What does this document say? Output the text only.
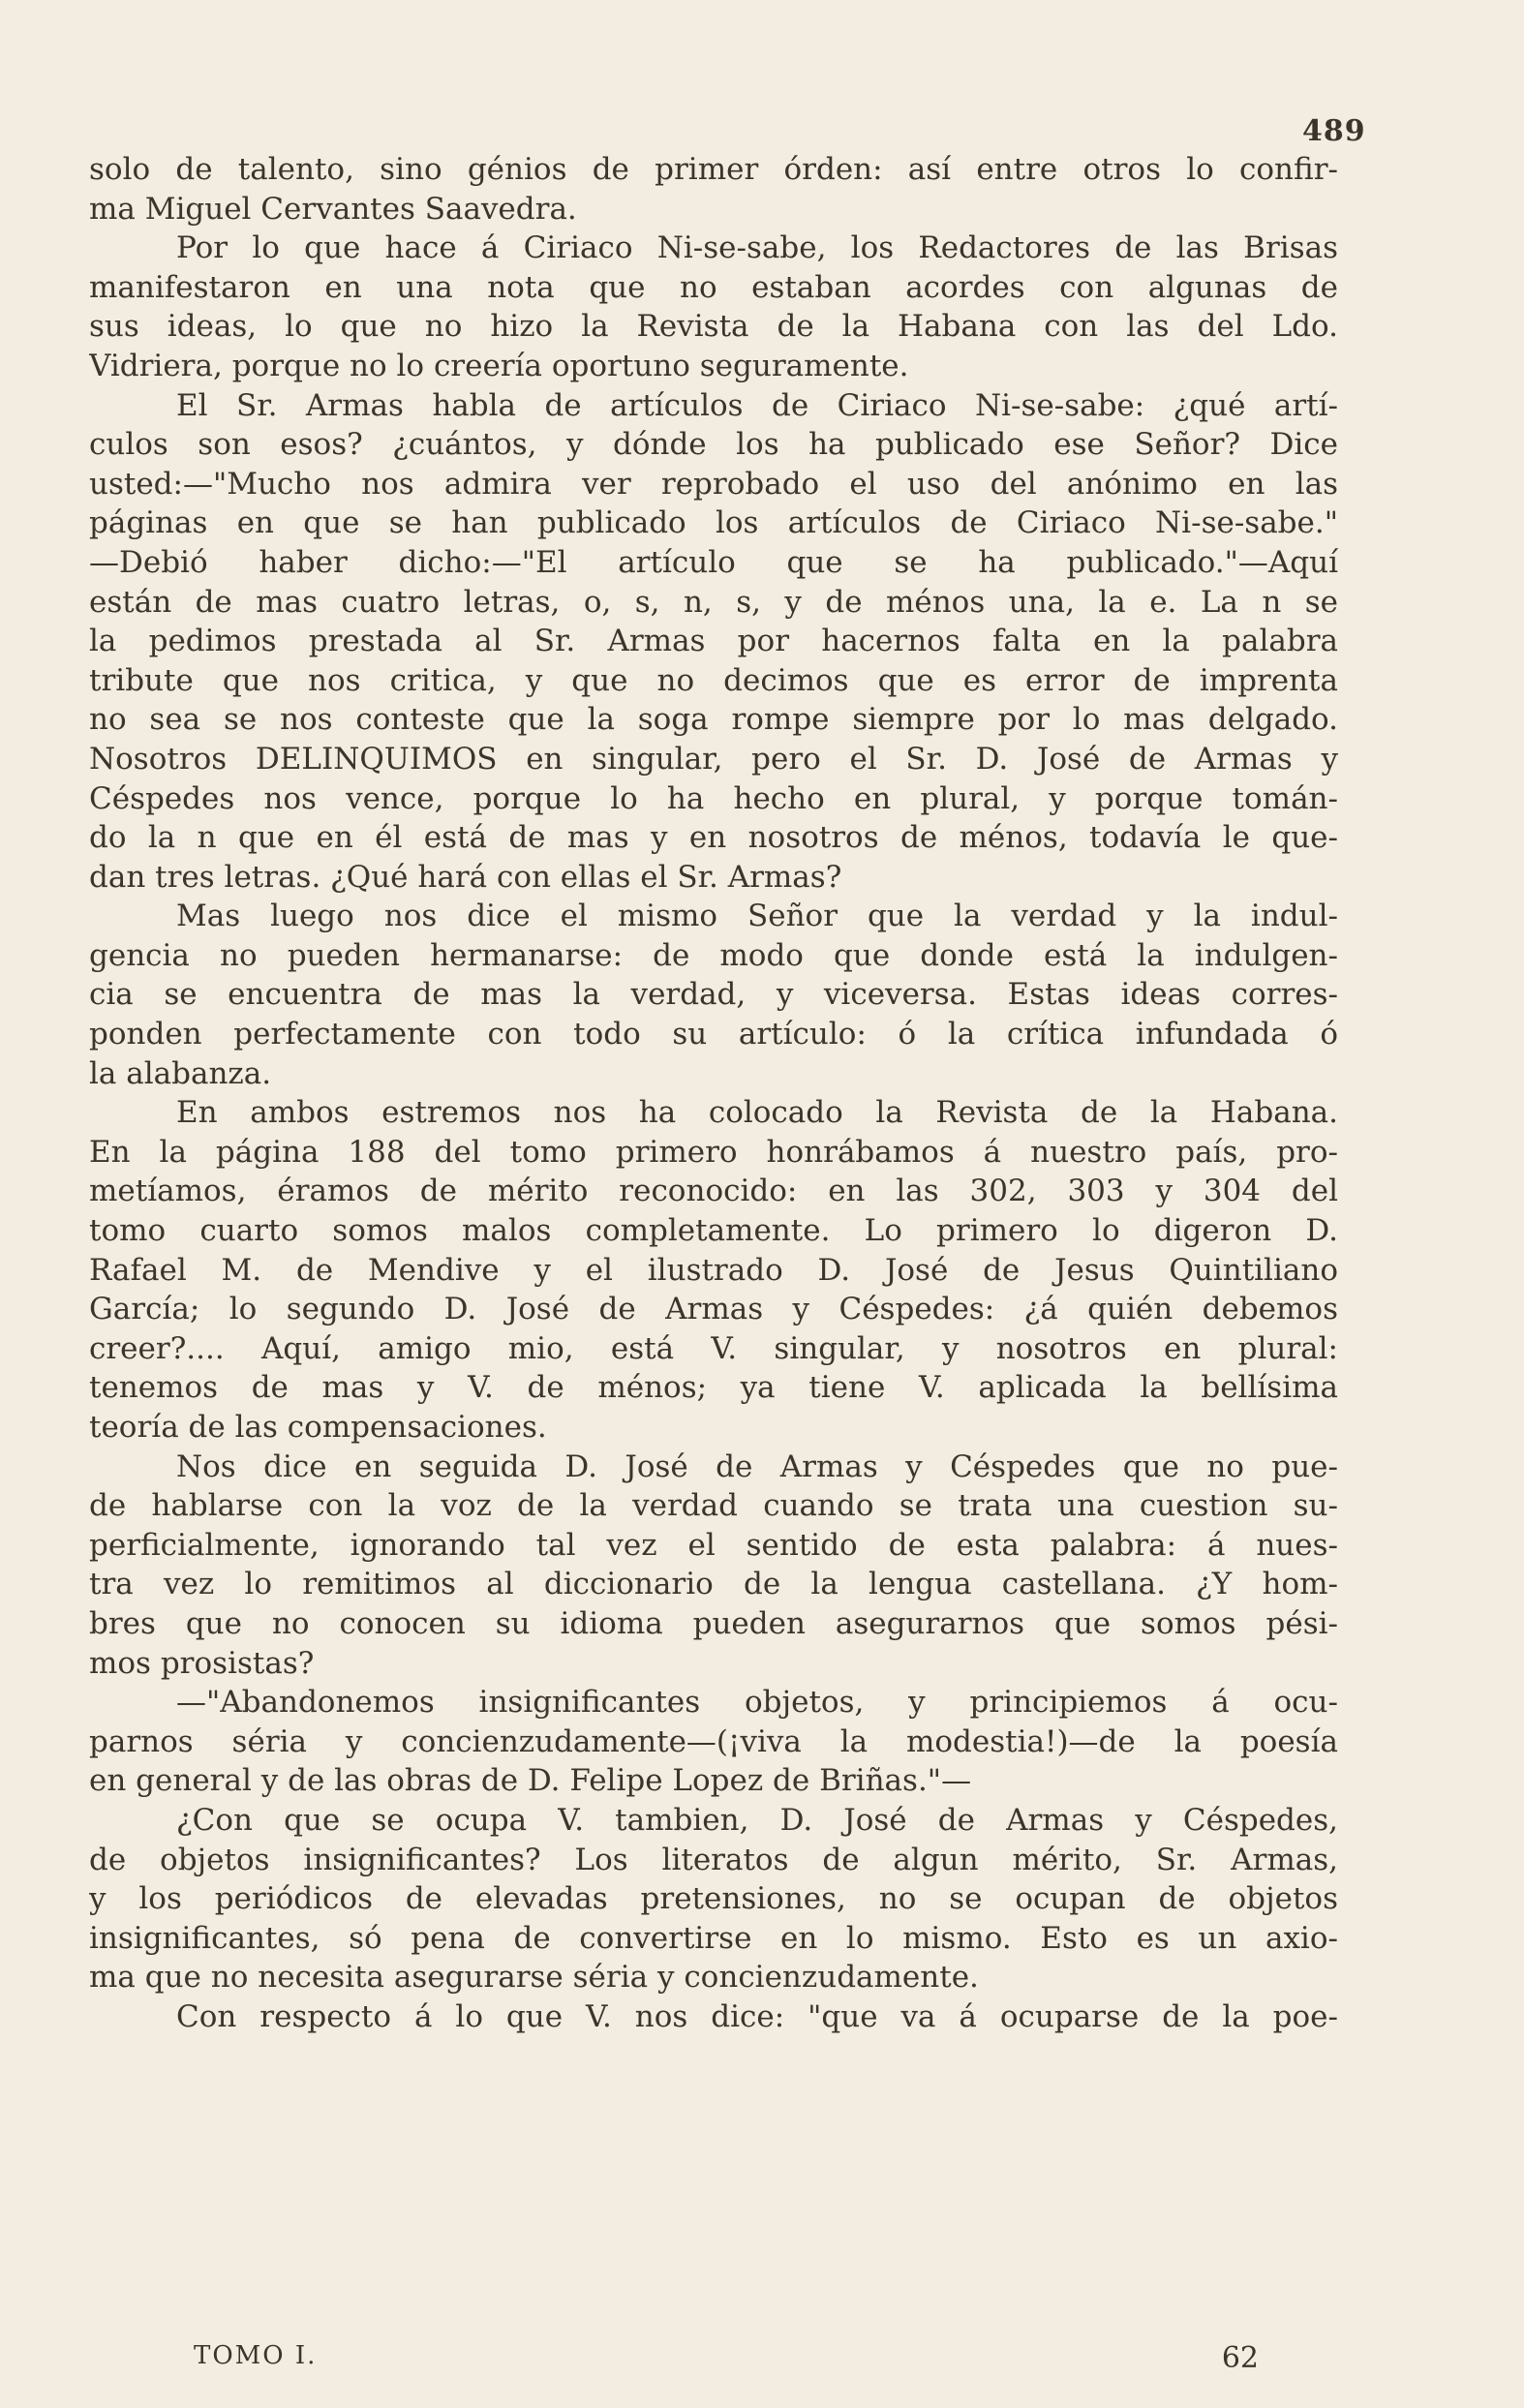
489
solo de talento, sino génios de primer órden: así entre otros lo confir-
ma Miguel Cervantes Saavedra.
Por lo que hace á Ciriaco Ni-se-sabe, los Redactores de las Brisas
manifestaron en una nota que no estaban acordes con algunas de
sus ideas, lo que no hizo la Revista de la Habana con las del Ldo.
Vidriera, porque no lo creería oportuno seguramente.
El Sr. Armas habla de artículos de Ciriaco Ni-se-sabe: ¿qué artí-
culos son esos? ¿cuántos, y dónde los ha publicado ese Señor? Dice
usted:—"Mucho nos admira ver reprobado el uso del anónimo en las
páginas en que se han publicado los artículos de Ciriaco Ni-se-sabe."
—Debió haber dicho:—"El artículo que se ha publicado."—Aquí
están de mas cuatro letras, o, s, n, s, y de ménos una, la e. La n se
la pedimos prestada al Sr. Armas por hacernos falta en la palabra
tribute que nos critica, y que no decimos que es error de imprenta
no sea se nos conteste que la soga rompe siempre por lo mas delgado.
Nosotros DELINQUIMOS en singular, pero el Sr. D. José de Armas y
Céspedes nos vence, porque lo ha hecho en plural, y porque tomán-
do la n que en él está de mas y en nosotros de ménos, todavía le que-
dan tres letras. ¿Qué hará con ellas el Sr. Armas?
Mas luego nos dice el mismo Señor que la verdad y la indul-
gencia no pueden hermanarse: de modo que donde está la indulgen-
cia se encuentra de mas la verdad, y viceversa. Estas ideas corres-
ponden perfectamente con todo su artículo: ó la crítica infundada ó
la alabanza.
En ambos estremos nos ha colocado la Revista de la Habana.
En la página 188 del tomo primero honrábamos á nuestro país, pro-
metíamos, éramos de mérito reconocido: en las 302, 303 y 304 del
tomo cuarto somos malos completamente. Lo primero lo digeron D.
Rafael M. de Mendive y el ilustrado D. José de Jesus Quintiliano
García; lo segundo D. José de Armas y Céspedes: ¿á quién debemos
creer?.... Aquí, amigo mio, está V. singular, y nosotros en plural:
tenemos de mas y V. de ménos; ya tiene V. aplicada la bellísima
teoría de las compensaciones.
Nos dice en seguida D. José de Armas y Céspedes que no pue-
de hablarse con la voz de la verdad cuando se trata una cuestion su-
perficialmente, ignorando tal vez el sentido de esta palabra: á nues-
tra vez lo remitimos al diccionario de la lengua castellana. ¿Y hom-
bres que no conocen su idioma pueden asegurarnos que somos pési-
mos prosistas?
—"Abandonemos insignificantes objetos, y principiemos á ocu-
parnos séria y concienzudamente—(¡viva la modestia!)—de la poesía
en general y de las obras de D. Felipe Lopez de Briñas."—
¿Con que se ocupa V. tambien, D. José de Armas y Céspedes,
de objetos insignificantes? Los literatos de algun mérito, Sr. Armas,
y los periódicos de elevadas pretensiones, no se ocupan de objetos
insignificantes, só pena de convertirse en lo mismo. Esto es un axio-
ma que no necesita asegurarse séria y concienzudamente.
Con respecto á lo que V. nos dice: "que va á ocuparse de la poe-
TOMO I.	62
